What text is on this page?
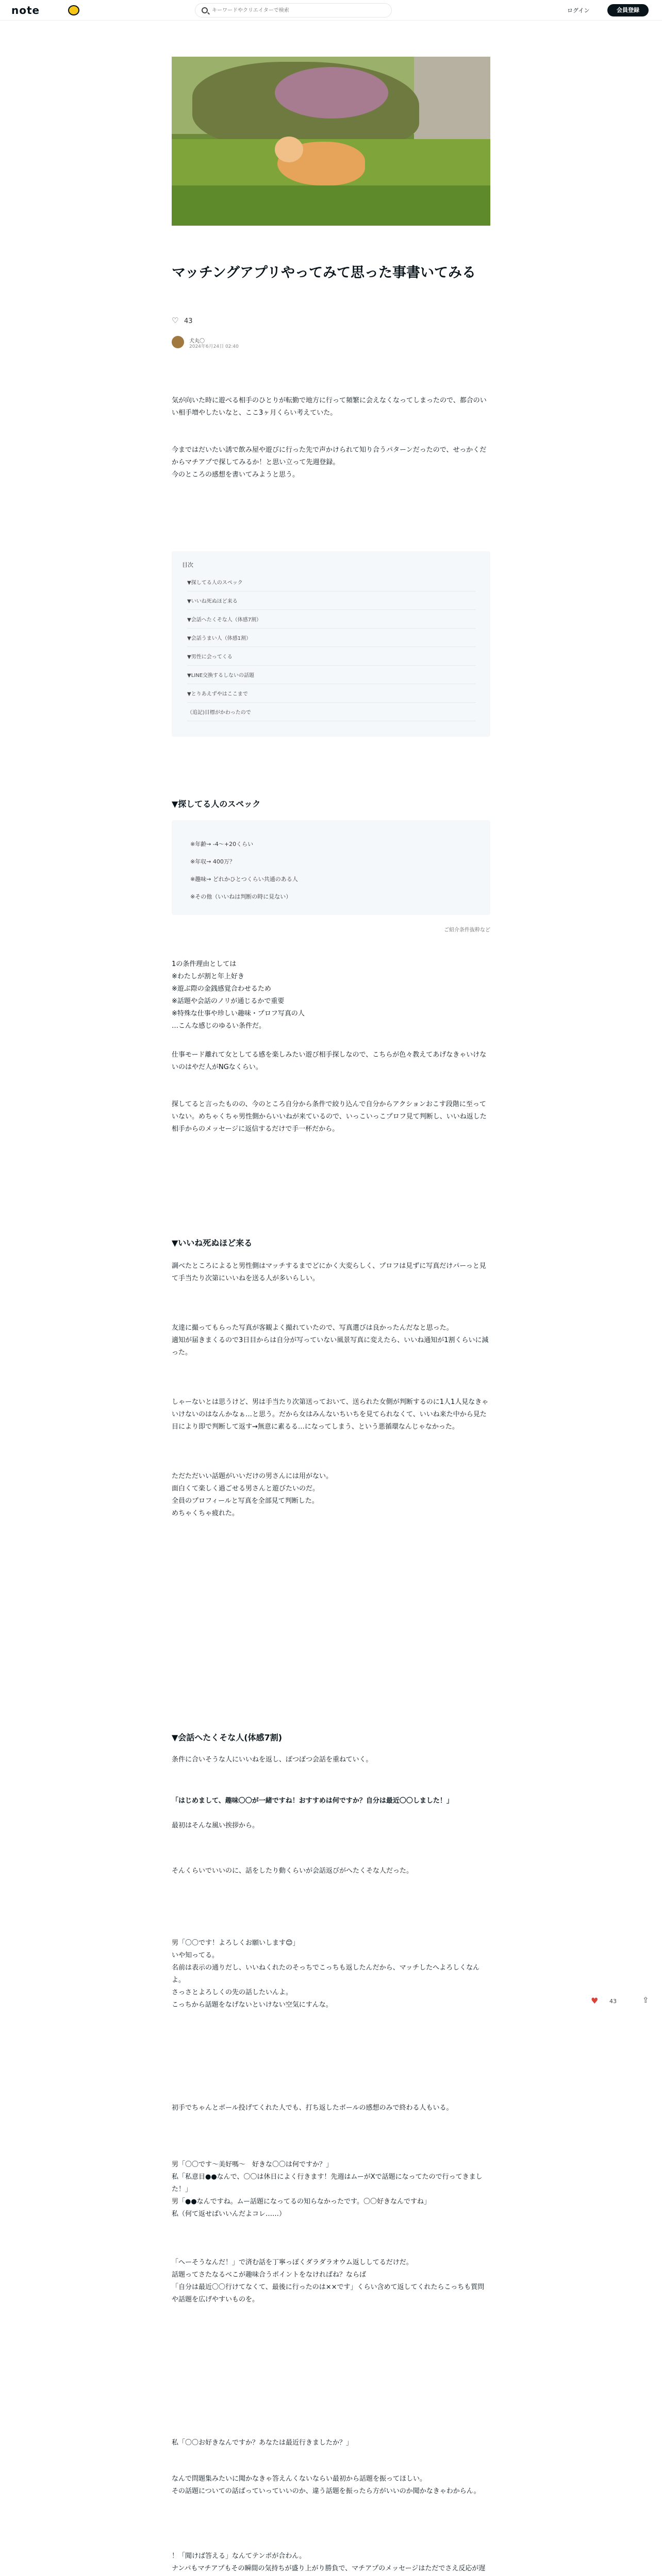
note
キーワードやクリエイターで検索	ログイン	会員登録
マッチングアプリやってみて思った事書いてみる
♡43
犬丸〇
2024年6月24日 02:40

気が向いた時に遊べる相手のひとりが転勤で地方に行って頻繁に会えなくなってしまったので、都合のいい相手増やしたいなと、ここ3ヶ月くらい考えていた。

今まではだいたい誘で飲み屋や遊びに行った先で声かけられて知り合うパターンだったので、せっかくだからマチアプで探してみるか！と思い立って先週登録。

今のところの感想を書いてみようと思う。

目次
▼探してる人のスペック
▼いいね死ぬほど来る
▼会話へたくそな人（体感7割）
▼会話うまい人（体感1割）
▼男性に会ってくる
▼LINE交換するしないの話題
▼とりあえずやはここまで
（追記)目標がかわったので
▼探してる人のスペック
※年齢→ -4〜+20くらい
※年収→ 400万？
※趣味→ どれかひとつくらい共通のある人
※その他（いいねは判断の時に見ない）
ご紹介条件抜粋など

1の条件理由としては
※わたしが割と年上好き
※遊ぶ際の金銭感覚合わせるため
※話題や会話のノリが通じるかで重要
※特殊な仕事や珍しい趣味・プロフ写真の人
…こんな感じのゆるい条件だ。

仕事モード離れて女としてる感を楽しみたい遊び相手探しなので、こちらが色々教えてあげなきゃいけないのはやだ人がNGなくらい。

探してると言ったものの、今のところ自分から条件で絞り込んで自分からアクションおこす段階に至っていない。めちゃくちゃ男性側からいいねが来ているので、いっこいっこプロフ見て判断し、いいね返した相手からのメッセージに返信するだけで手一杯だから。

▼いいね死ぬほど来る

調べたところによると男性側はマッチするまでどにかく大変らしく、プロフは見ずに写真だけパーっと見て手当たり次第にいいねを送る人が多いらしい。

友達に撮ってもらった写真が客観よく撮れていたので、写真選びは良かったんだなと思った。
適知が届きまくるので3日目からは自分が写っていない風景写真に変えたら、いいね通知が1割くらいに減った。

しゃーないとは思うけど、男は手当たり次第送っておいて、送られた女側が判断するのに1人1人見なきゃいけないのはなんかなぁ…と思う。だから女はみんないちいちを見てられなくて、いいね来た中から見た目により即で判断して返す→無意に素るる…になってしまう、という悪循環なんじゃなかった。

ただただいい話題がいいだけの男さんには用がない。
面白くて楽しく過ごせる男さんと遊びたいのだ。
全員のプロフィールと写真を全部見て判断した。
めちゃくちゃ疲れた。

▼会話へたくそな人(体感7割)

条件に合いそうな人にいいねを返し、ぽつぽつ会話を重ねていく。

「はじめまして、趣味〇〇が一緒ですね！おすすめは何ですか？自分は最近〇〇しました！」

最初はそんな風い挨拶から。

そんくらいでいいのに、話をしたり動くらいが会話返びがへたくそな人だった。

男「〇〇です！よろしくお願いします😊」
いや知ってる。
名前は表示の通りだし、いいねくれたのそっちでこっちも返したんだから、マッチしたへよろしくなんよ。
さっさとよろしくの先の話したいんよ。
こっちから話題をなげないといけない空気にすんな。

初手でちゃんとボール投げてくれた人でも、打ち返したボールの感想のみで終わる人もいる。

男「〇〇です〜美好嗎〜　好きな〇〇は何ですか？」
私「私意目●●なんで、〇〇は休日によく行きます！先週はムーがXで話題になってたので行ってきました！」
男「●●なんですね。ムー話題になってるの知らなかったです。〇〇好きなんですね」
私（何て返せばいいんだよコレ……）

「へーそうなんだ！」で済む話を丁寧っぽくダラダラオウム返ししてるだけだ。
話題ってさたなるべこが趣味合うポイントをなければね？ならば
「自分は最近〇〇行けてなくて、最後に行ったのは××です」くらい含めて返してくれたらこっちも質問や話題を広げやすいものを。

私「〇〇お好きなんですか？あなたは最近行きましたか？」

なんで問題集みたいに聞かなきゃ答えんくないならい最初から話題を振ってほしい。
その話題についての話ばっていっていいのか、違う話題を振ったら方がいいのか聞かなきゃわからん。

！「聞けば答える」なんてテンポが合わん。
ナンパもマチアプもその瞬間の気持ちが盛り上がり勝負で、マチアプのメッセージはただでさえ反応が遅

♥ 43	⇪
